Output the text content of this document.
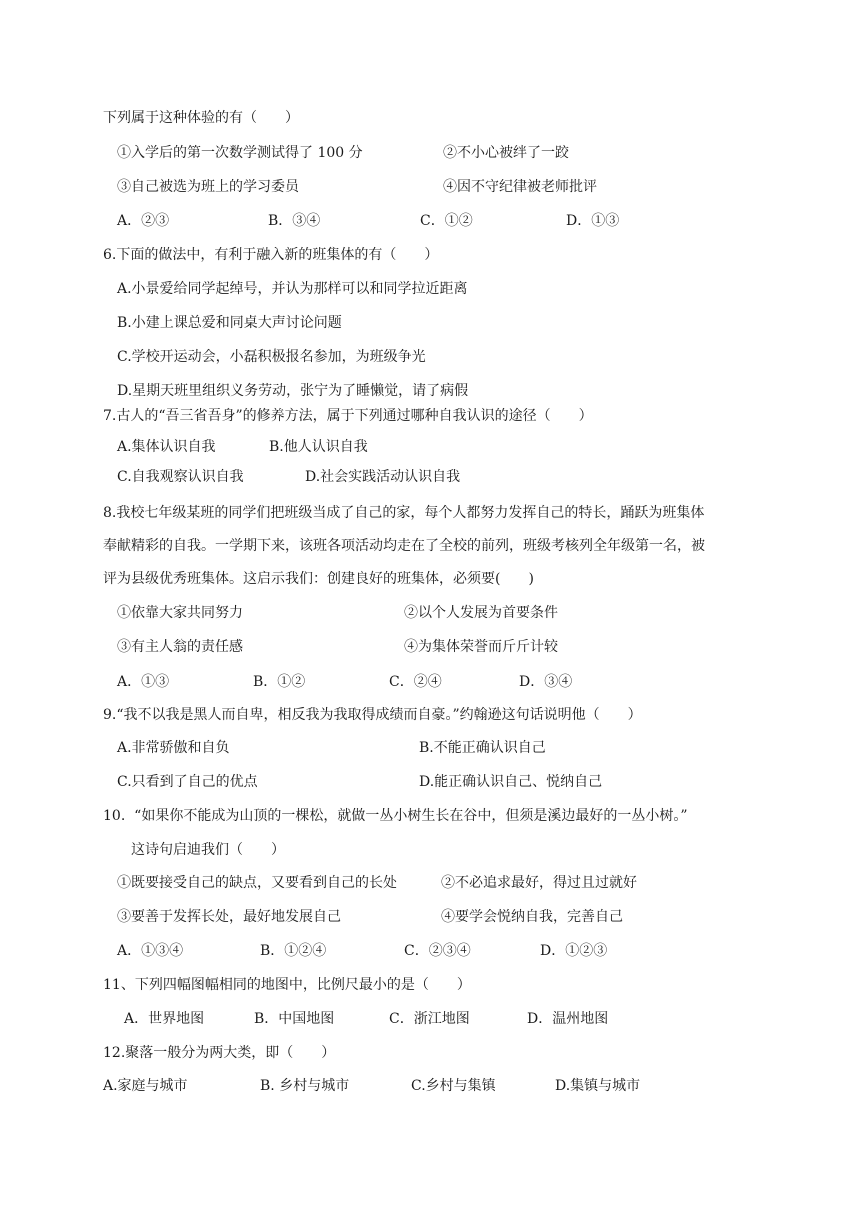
下列属于这种体验的有（　　）
①入学后的第一次数学测试得了 100 分	②不小心被绊了一跤
③自己被选为班上的学习委员	④因不守纪律被老师批评
A．②③	B．③④	C．①②	D．①③
6.下面的做法中，有利于融入新的班集体的有（　　）
A.小景爱给同学起绰号，并认为那样可以和同学拉近距离
B.小建上课总爱和同桌大声讨论问题
C.学校开运动会，小磊积极报名参加，为班级争光
D.星期天班里组织义务劳动，张宁为了睡懒觉，请了病假
7.古人的“吾三省吾身”的修养方法，属于下列通过哪种自我认识的途径（　　）
A.集体认识自我	B.他人认识自我
C.自我观察认识自我	D.社会实践活动认识自我
8.我校七年级某班的同学们把班级当成了自己的家，每个人都努力发挥自己的特长，踊跃为班集体
奉献精彩的自我。一学期下来，该班各项活动均走在了全校的前列，班级考核列全年级第一名，被
评为县级优秀班集体。这启示我们：创建良好的班集体，必须要(　　)
①依靠大家共同努力	②以个人发展为首要条件
③有主人翁的责任感	④为集体荣誉而斤斤计较
A．①③	B．①②	C．②④	D．③④
9.“我不以我是黑人而自卑，相反我为我取得成绩而自豪。”约翰逊这句话说明他（　　）
A.非常骄傲和自负	B.不能正确认识自己
C.只看到了自己的优点	D.能正确认识自己、悦纳自己
10.  “如果你不能成为山顶的一棵松，就做一丛小树生长在谷中，但须是溪边最好的一丛小树。”
这诗句启迪我们（　　）
①既要接受自己的缺点，又要看到自己的长处	②不必追求最好，得过且过就好
③要善于发挥长处，最好地发展自己	④要学会悦纳自我，完善自己
A．①③④	B．①②④	C．②③④	D．①②③
11、下列四幅图幅相同的地图中，比例尺最小的是（　　）
A．世界地图	B．中国地图	C．浙江地图	D．温州地图
12.聚落一般分为两大类，即（　　）
A.家庭与城市	B. 乡村与城市	C.乡村与集镇	D.集镇与城市
